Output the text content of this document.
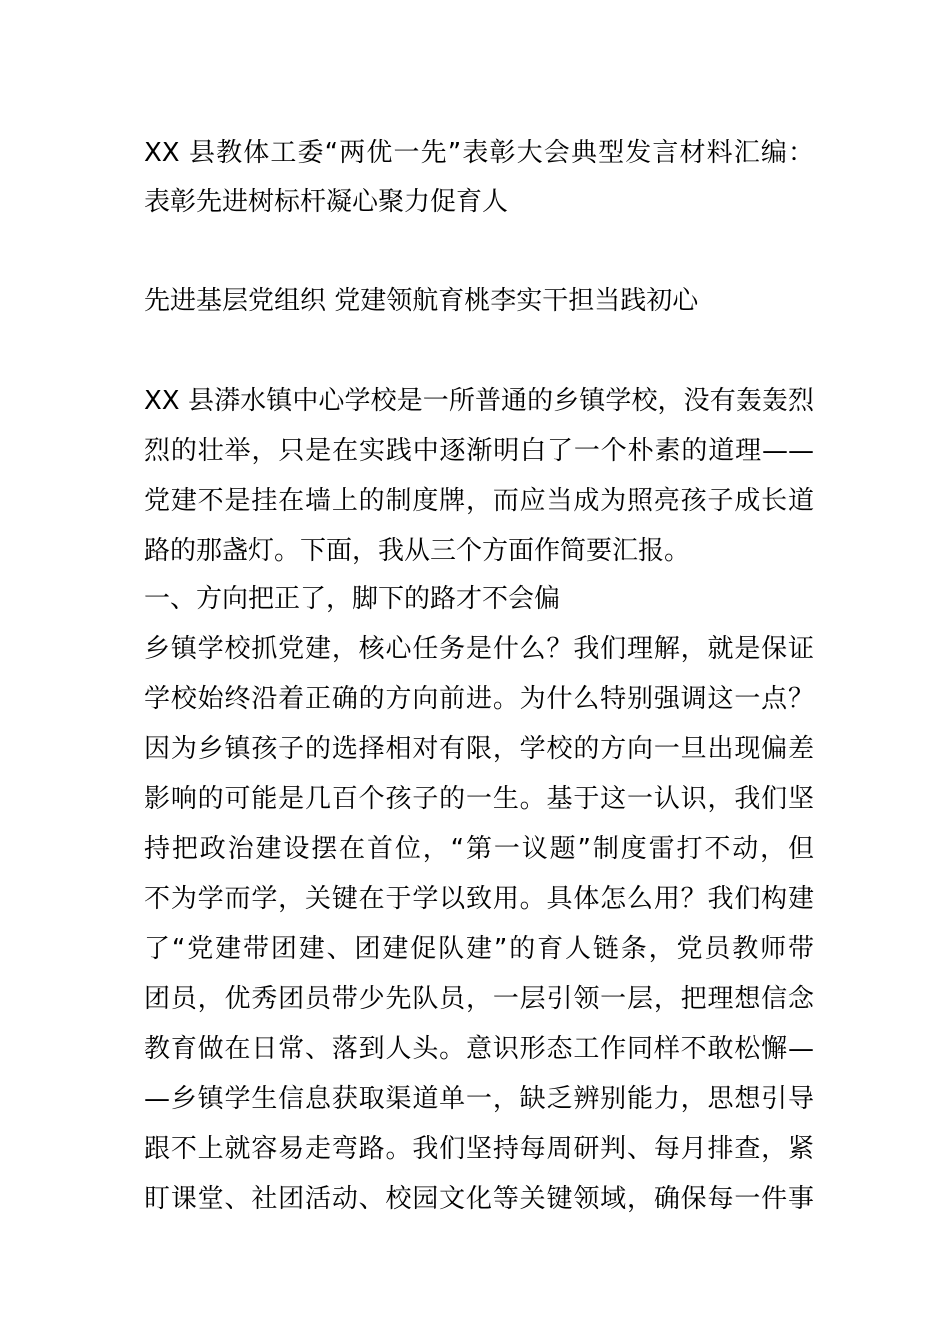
XX 县教体工委“两优一先”表彰大会典型发言材料汇编：
表彰先进树标杆凝心聚力促育人
先进基层党组织 党建领航育桃李实干担当践初心
XX 县漭水镇中心学校是一所普通的乡镇学校，没有轰轰烈
烈的壮举，只是在实践中逐渐明白了一个朴素的道理——
党建不是挂在墙上的制度牌，而应当成为照亮孩子成长道
路的那盏灯。下面，我从三个方面作简要汇报。
一、方向把正了，脚下的路才不会偏
乡镇学校抓党建，核心任务是什么？我们理解，就是保证
学校始终沿着正确的方向前进。为什么特别强调这一点？
因为乡镇孩子的选择相对有限，学校的方向一旦出现偏差
影响的可能是几百个孩子的一生。基于这一认识，我们坚
持把政治建设摆在首位，“第一议题”制度雷打不动，但
不为学而学，关键在于学以致用。具体怎么用？我们构建
了“党建带团建、团建促队建”的育人链条，党员教师带
团员，优秀团员带少先队员，一层引领一层，把理想信念
教育做在日常、落到人头。意识形态工作同样不敢松懈—
—乡镇学生信息获取渠道单一，缺乏辨别能力，思想引导
跟不上就容易走弯路。我们坚持每周研判、每月排查，紧
盯课堂、社团活动、校园文化等关键领域，确保每一件事
